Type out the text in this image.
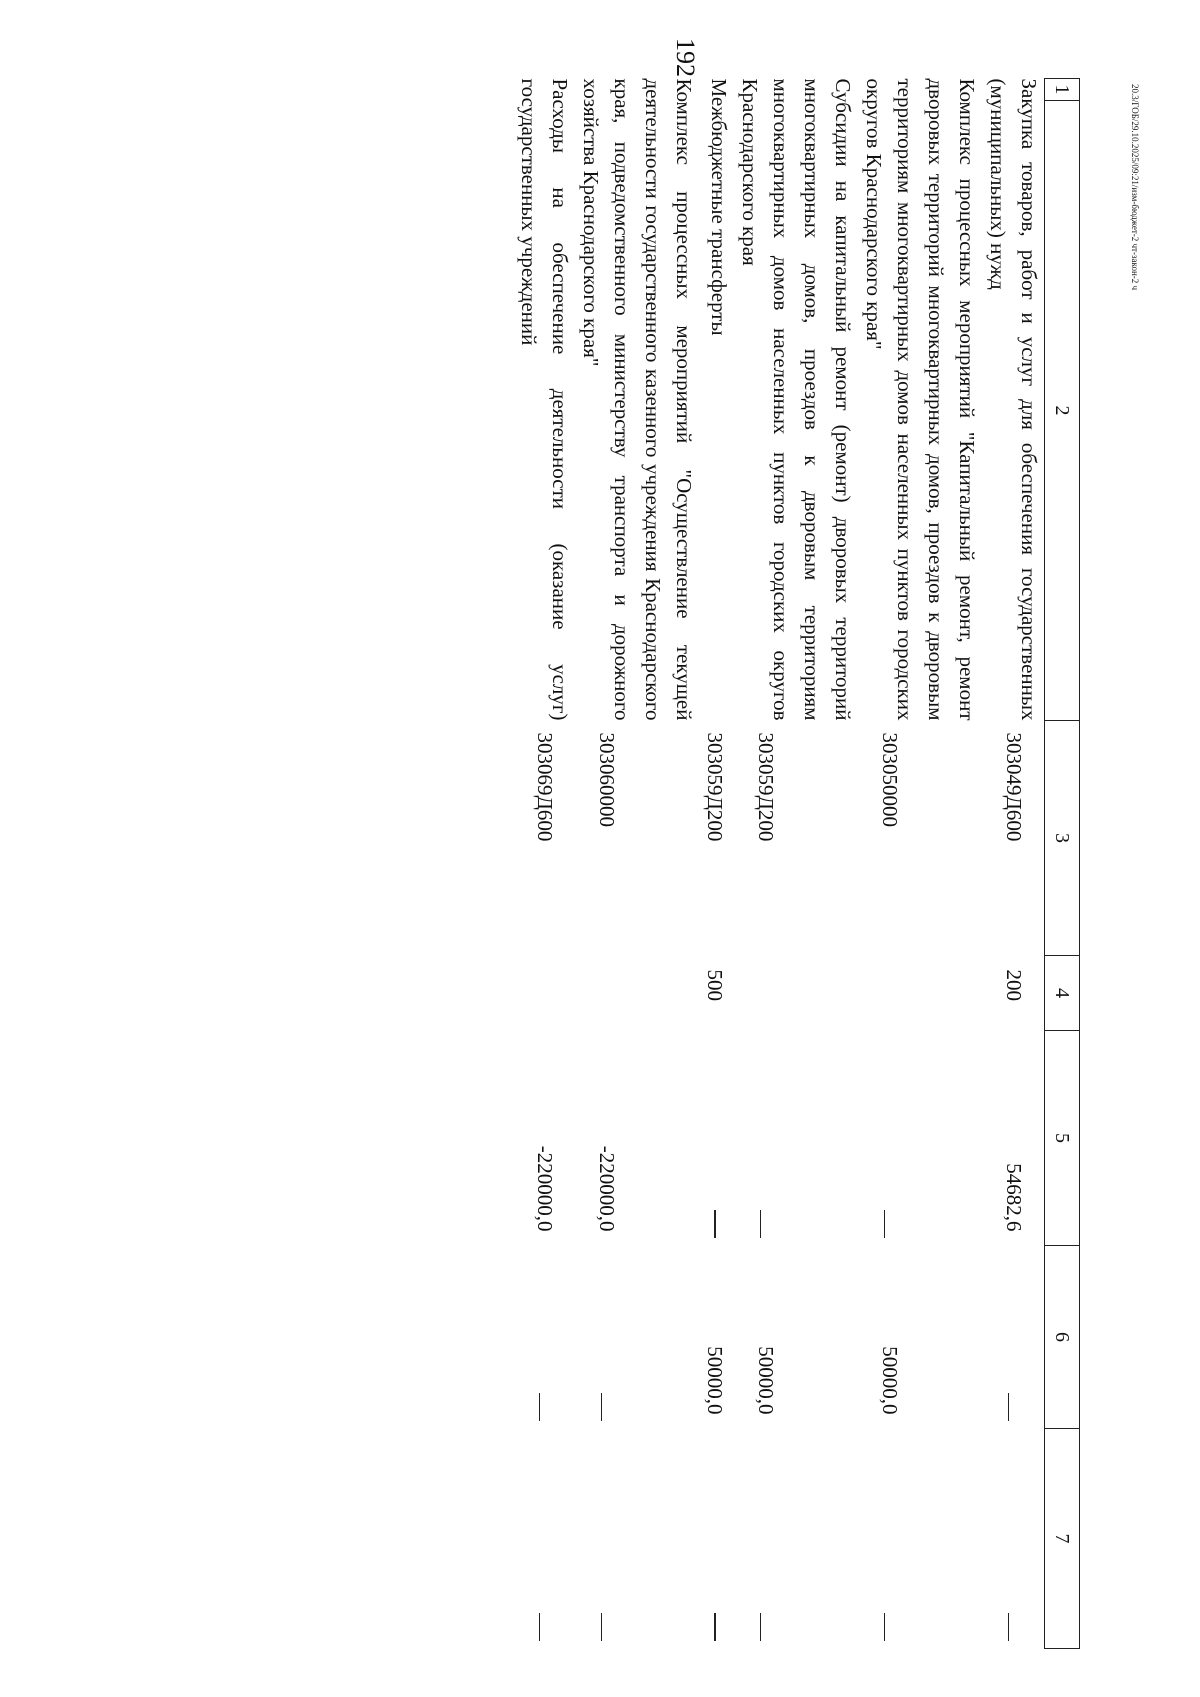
192
20.3/ГОБ/29.10.2025/09:21/изм-бюджет-2 чт-закон-2 ч
1	2	3	4	5	6	7

Закупка товаров, работ и услуг для обеспечения государственных (муниципальных) нужд		303049Д600	200	54682,6		

Комплекс процессных мероприятий "Капитальный ремонт, ремонт дворовых территорий многоквартирных домов, проездов к дворовым территориям многоквартирных домов населенных пунктов городских округов Краснодарского края"		303050000			50000,0	

Субсидии на капитальный ремонт (ремонт) дворовых территорий многоквартирных домов, проездов к дворовым территориям многоквартирных домов населенных пунктов городских округов Краснодарского края		303059Д200			50000,0	

Межбюджетные трансферты		303059Д200	500		50000,0	

Комплекс процессных мероприятий "Осуществление текущей деятельности государственного казенного учреждения Краснодарского края, подведомственного министерству транспорта и дорожного хозяйства Краснодарского края"		303060000		-220000,0		

Расходы на обеспечение деятельности (оказание услуг) государственных учреждений		303069Д600		-220000,0		
